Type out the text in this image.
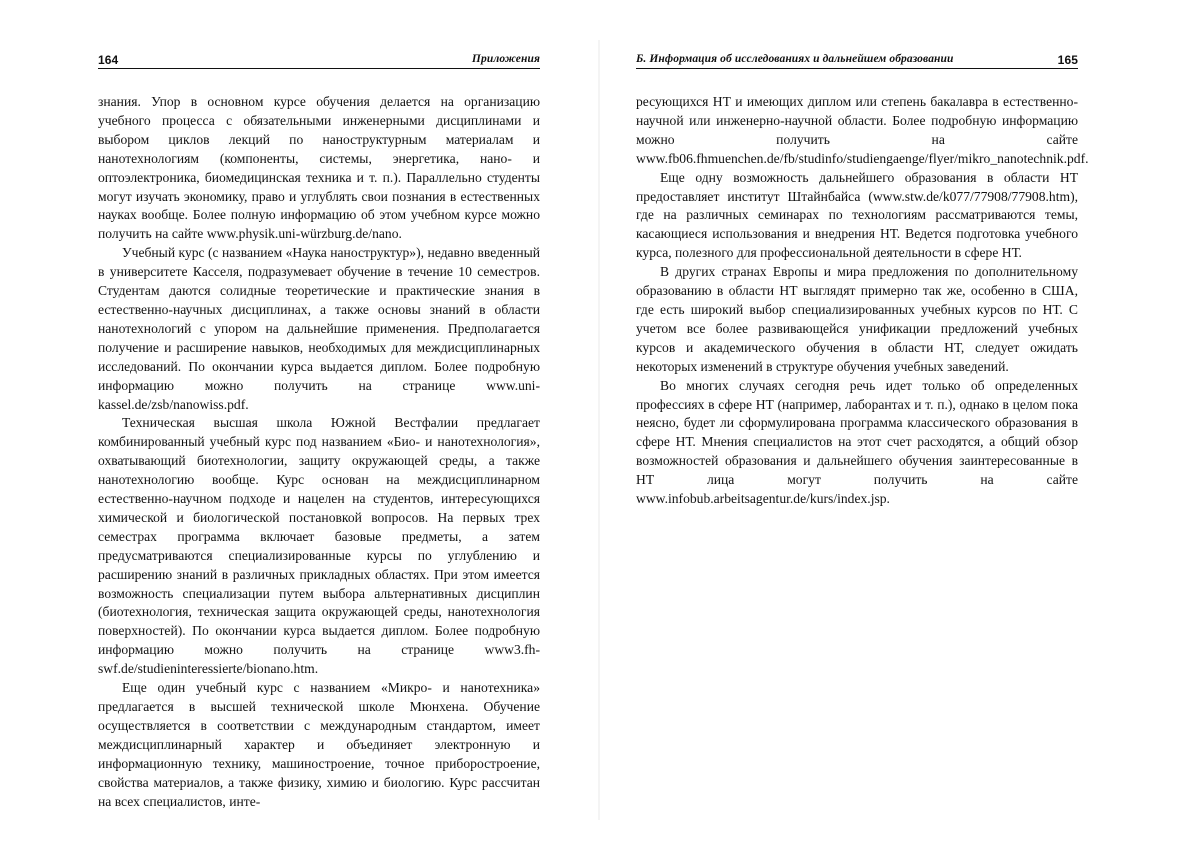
164	Приложения

знания. Упор в основном курсе обучения делается на организацию учебного процесса с обязательными инженерными дисциплинами и выбором циклов лекций по наноструктурным материалам и нанотехнологиям (компоненты, системы, энергетика, нано- и оптоэлектроника, биомедицинская техника и т. п.). Параллельно студенты могут изучать экономику, право и углублять свои познания в естественных науках вообще. Более полную информацию об этом учебном курсе можно получить на сайте www.physik.uni-würzburg.de/nano.

Учебный курс (с названием «Наука наноструктур»), недавно введенный в университете Касселя, подразумевает обучение в течение 10 семестров. Студентам даются солидные теоретические и практические знания в естественно-научных дисциплинах, а также основы знаний в области нанотехнологий с упором на дальнейшие применения. Предполагается получение и расширение навыков, необходимых для междисциплинарных исследований. По окончании курса выдается диплом. Более подробную информацию можно получить на странице www.uni-kassel.de/zsb/nanowiss.pdf.

Техническая высшая школа Южной Вестфалии предлагает комбинированный учебный курс под названием «Био- и нанотехнология», охватывающий биотехнологии, защиту окружающей среды, а также нанотехнологию вообще. Курс основан на междисциплинарном естественно-научном подходе и нацелен на студентов, интересующихся химической и биологической постановкой вопросов. На первых трех семестрах программа включает базовые предметы, а затем предусматриваются специализированные курсы по углублению и расширению знаний в различных прикладных областях. При этом имеется возможность специализации путем выбора альтернативных дисциплин (биотехнология, техническая защита окружающей среды, нанотехнология поверхностей). По окончании курса выдается диплом. Более подробную информацию можно получить на странице www3.fh-swf.de/studieninteressierte/bionano.htm.

Еще один учебный курс с названием «Микро- и нанотехника» предлагается в высшей технической школе Мюнхена. Обучение осуществляется в соответствии с международным стандартом, имеет междисциплинарный характер и объединяет электронную и информационную технику, машиностроение, точное приборостроение, свойства материалов, а также физику, химию и биологию. Курс рассчитан на всех специалистов, инте-

Б. Информация об исследованиях и дальнейшем образовании	165

ресующихся НТ и имеющих диплом или степень бакалавра в естественно-научной или инженерно-научной области. Более подробную информацию можно получить на сайте www.fb06.fhmuenchen.de/fb/studinfo/studiengaenge/flyer/mikro_nanotechnik.pdf.

Еще одну возможность дальнейшего образования в области НТ предоставляет институт Штайнбайса (www.stw.de/k077/77908/77908.htm), где на различных семинарах по технологиям рассматриваются темы, касающиеся использования и внедрения НТ. Ведется подготовка учебного курса, полезного для профессиональной деятельности в сфере НТ.

В других странах Европы и мира предложения по дополнительному образованию в области НТ выглядят примерно так же, особенно в США, где есть широкий выбор специализированных учебных курсов по НТ. С учетом все более развивающейся унификации предложений учебных курсов и академического обучения в области НТ, следует ожидать некоторых изменений в структуре обучения учебных заведений.

Во многих случаях сегодня речь идет только об определенных профессиях в сфере НТ (например, лаборантах и т. п.), однако в целом пока неясно, будет ли сформулирована программа классического образования в сфере НТ. Мнения специалистов на этот счет расходятся, а общий обзор возможностей образования и дальнейшего обучения заинтересованные в НТ лица могут получить на сайте www.infobub.arbeitsagentur.de/kurs/index.jsp.
